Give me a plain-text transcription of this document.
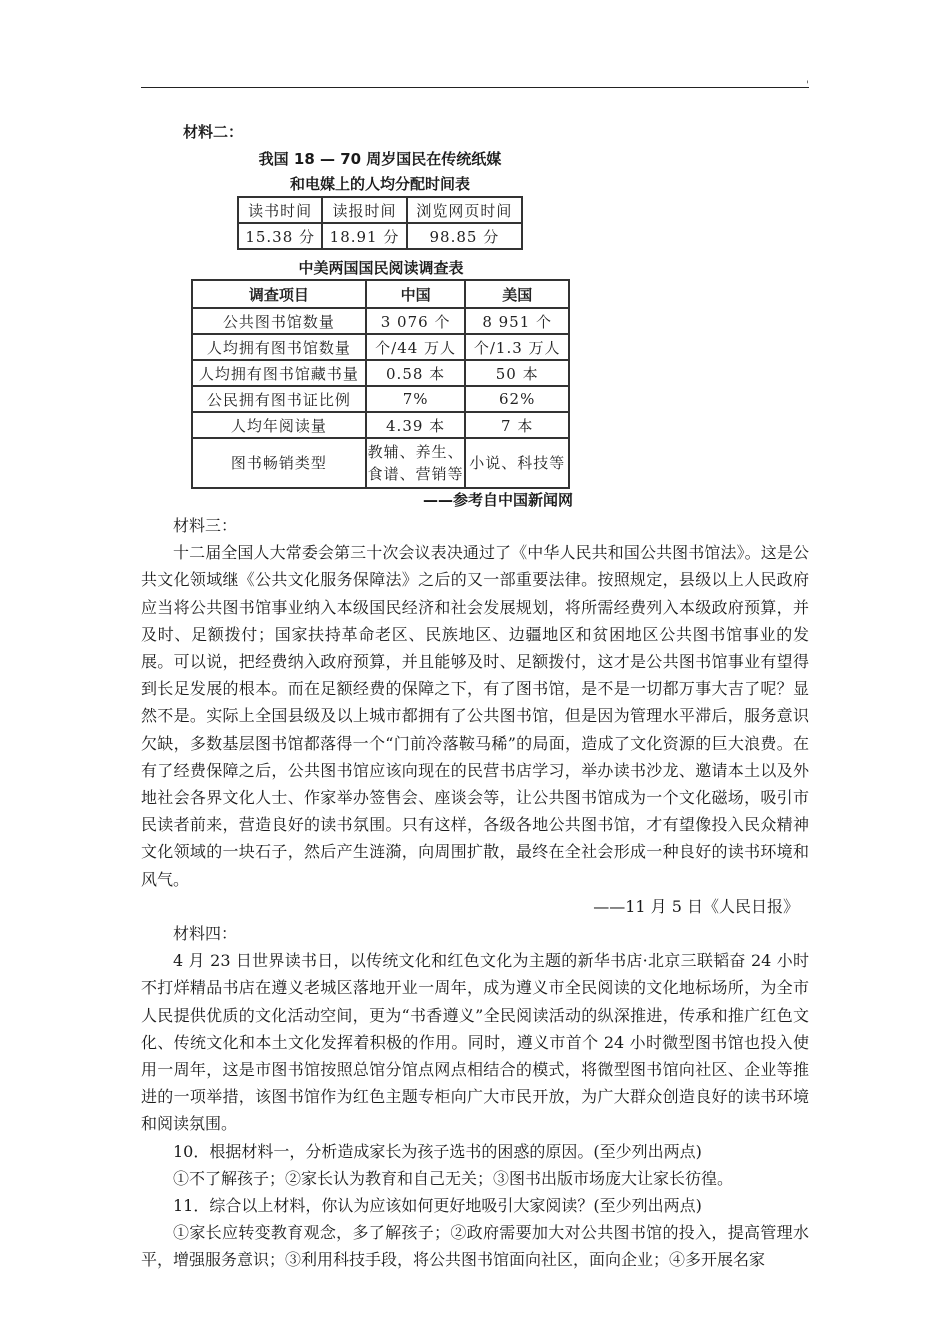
'
材料二：
我国 18 — 70 周岁国民在传统纸媒
和电媒上的人均分配时间表
读书时间	读报时间	浏览网页时间
15.38 分	18.91 分	98.85 分
中美两国国民阅读调查表
调查项目	中国	美国
公共图书馆数量	3 076 个	8 951 个
人均拥有图书馆数量	个/44 万人	个/1.3 万人
人均拥有图书馆藏书量	0.58 本	50 本
公民拥有图书证比例	7%	62%
人均年阅读量	4.39 本	7 本
图书畅销类型	教辅、养生、
食谱、营销等	小说、科技等
——参考自中国新闻网

材料三：

十二届全国人大常委会第三十次会议表决通过了《中华人民共和国公共图书馆法》。这是公共文化领域继《公共文化服务保障法》之后的又一部重要法律。按照规定，县级以上人民政府应当将公共图书馆事业纳入本级国民经济和社会发展规划，将所需经费列入本级政府预算，并及时、足额拨付；国家扶持革命老区、民族地区、边疆地区和贫困地区公共图书馆事业的发展。可以说，把经费纳入政府预算，并且能够及时、足额拨付，这才是公共图书馆事业有望得到长足发展的根本。而在足额经费的保障之下，有了图书馆，是不是一切都万事大吉了呢？显然不是。实际上全国县级及以上城市都拥有了公共图书馆，但是因为管理水平滞后，服务意识欠缺，多数基层图书馆都落得一个“门前冷落鞍马稀”的局面，造成了文化资源的巨大浪费。在有了经费保障之后，公共图书馆应该向现在的民营书店学习，举办读书沙龙、邀请本土以及外地社会各界文化人士、作家举办签售会、座谈会等，让公共图书馆成为一个文化磁场，吸引市民读者前来，营造良好的读书氛围。只有这样，各级各地公共图书馆，才有望像投入民众精神文化领域的一块石子，然后产生涟漪，向周围扩散，最终在全社会形成一种良好的读书环境和风气。

——11 月 5 日《人民日报》

材料四：

4 月 23 日世界读书日，以传统文化和红色文化为主题的新华书店·北京三联韬奋 24 小时不打烊精品书店在遵义老城区落地开业一周年，成为遵义市全民阅读的文化地标场所，为全市人民提供优质的文化活动空间，更为“书香遵义”全民阅读活动的纵深推进，传承和推广红色文化、传统文化和本土文化发挥着积极的作用。同时，遵义市首个 24 小时微型图书馆也投入使用一周年，这是市图书馆按照总馆分馆点网点相结合的模式，将微型图书馆向社区、企业等推进的一项举措，该图书馆作为红色主题专柜向广大市民开放，为广大群众创造良好的读书环境和阅读氛围。

10．根据材料一，分析造成家长为孩子选书的困惑的原因。(至少列出两点)

①不了解孩子；②家长认为教育和自己无关；③图书出版市场庞大让家长彷徨。

11．综合以上材料，你认为应该如何更好地吸引大家阅读？(至少列出两点)

①家长应转变教育观念，多了解孩子；②政府需要加大对公共图书馆的投入，提高管理水平，增强服务意识；③利用科技手段，将公共图书馆面向社区，面向企业；④多开展名家
